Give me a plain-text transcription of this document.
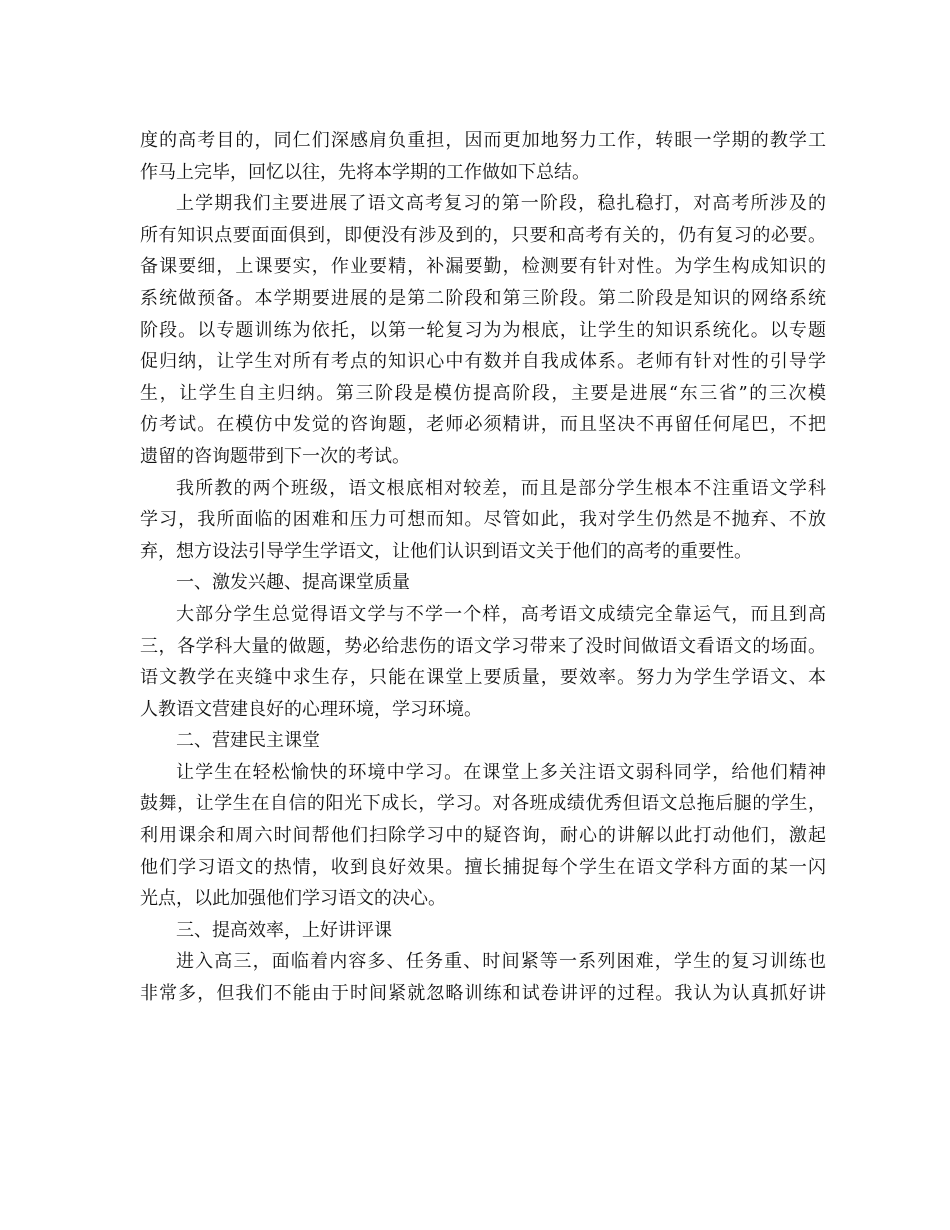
度的高考目的，同仁们深感肩负重担，因而更加地努力工作，转眼一学期的教学工
作马上完毕，回忆以往，先将本学期的工作做如下总结。
上学期我们主要进展了语文高考复习的第一阶段，稳扎稳打，对高考所涉及的
所有知识点要面面俱到，即便没有涉及到的，只要和高考有关的，仍有复习的必要。
备课要细，上课要实，作业要精，补漏要勤，检测要有针对性。为学生构成知识的
系统做预备。本学期要进展的是第二阶段和第三阶段。第二阶段是知识的网络系统
阶段。以专题训练为依托，以第一轮复习为为根底，让学生的知识系统化。以专题
促归纳，让学生对所有考点的知识心中有数并自我成体系。老师有针对性的引导学
生，让学生自主归纳。第三阶段是模仿提高阶段，主要是进展“东三省”的三次模
仿考试。在模仿中发觉的咨询题，老师必须精讲，而且坚决不再留任何尾巴，不把
遗留的咨询题带到下一次的考试。
我所教的两个班级，语文根底相对较差，而且是部分学生根本不注重语文学科
学习，我所面临的困难和压力可想而知。尽管如此，我对学生仍然是不抛弃、不放
弃，想方设法引导学生学语文，让他们认识到语文关于他们的高考的重要性。
一、激发兴趣、提高课堂质量
大部分学生总觉得语文学与不学一个样，高考语文成绩完全靠运气，而且到高
三，各学科大量的做题，势必给悲伤的语文学习带来了没时间做语文看语文的场面。
语文教学在夹缝中求生存，只能在课堂上要质量，要效率。努力为学生学语文、本
人教语文营建良好的心理环境，学习环境。
二、营建民主课堂
让学生在轻松愉快的环境中学习。在课堂上多关注语文弱科同学，给他们精神
鼓舞，让学生在自信的阳光下成长，学习。对各班成绩优秀但语文总拖后腿的学生，
利用课余和周六时间帮他们扫除学习中的疑咨询，耐心的讲解以此打动他们，激起
他们学习语文的热情，收到良好效果。擅长捕捉每个学生在语文学科方面的某一闪
光点，以此加强他们学习语文的决心。
三、提高效率，上好讲评课
进入高三，面临着内容多、任务重、时间紧等一系列困难，学生的复习训练也
非常多，但我们不能由于时间紧就忽略训练和试卷讲评的过程。我认为认真抓好讲
